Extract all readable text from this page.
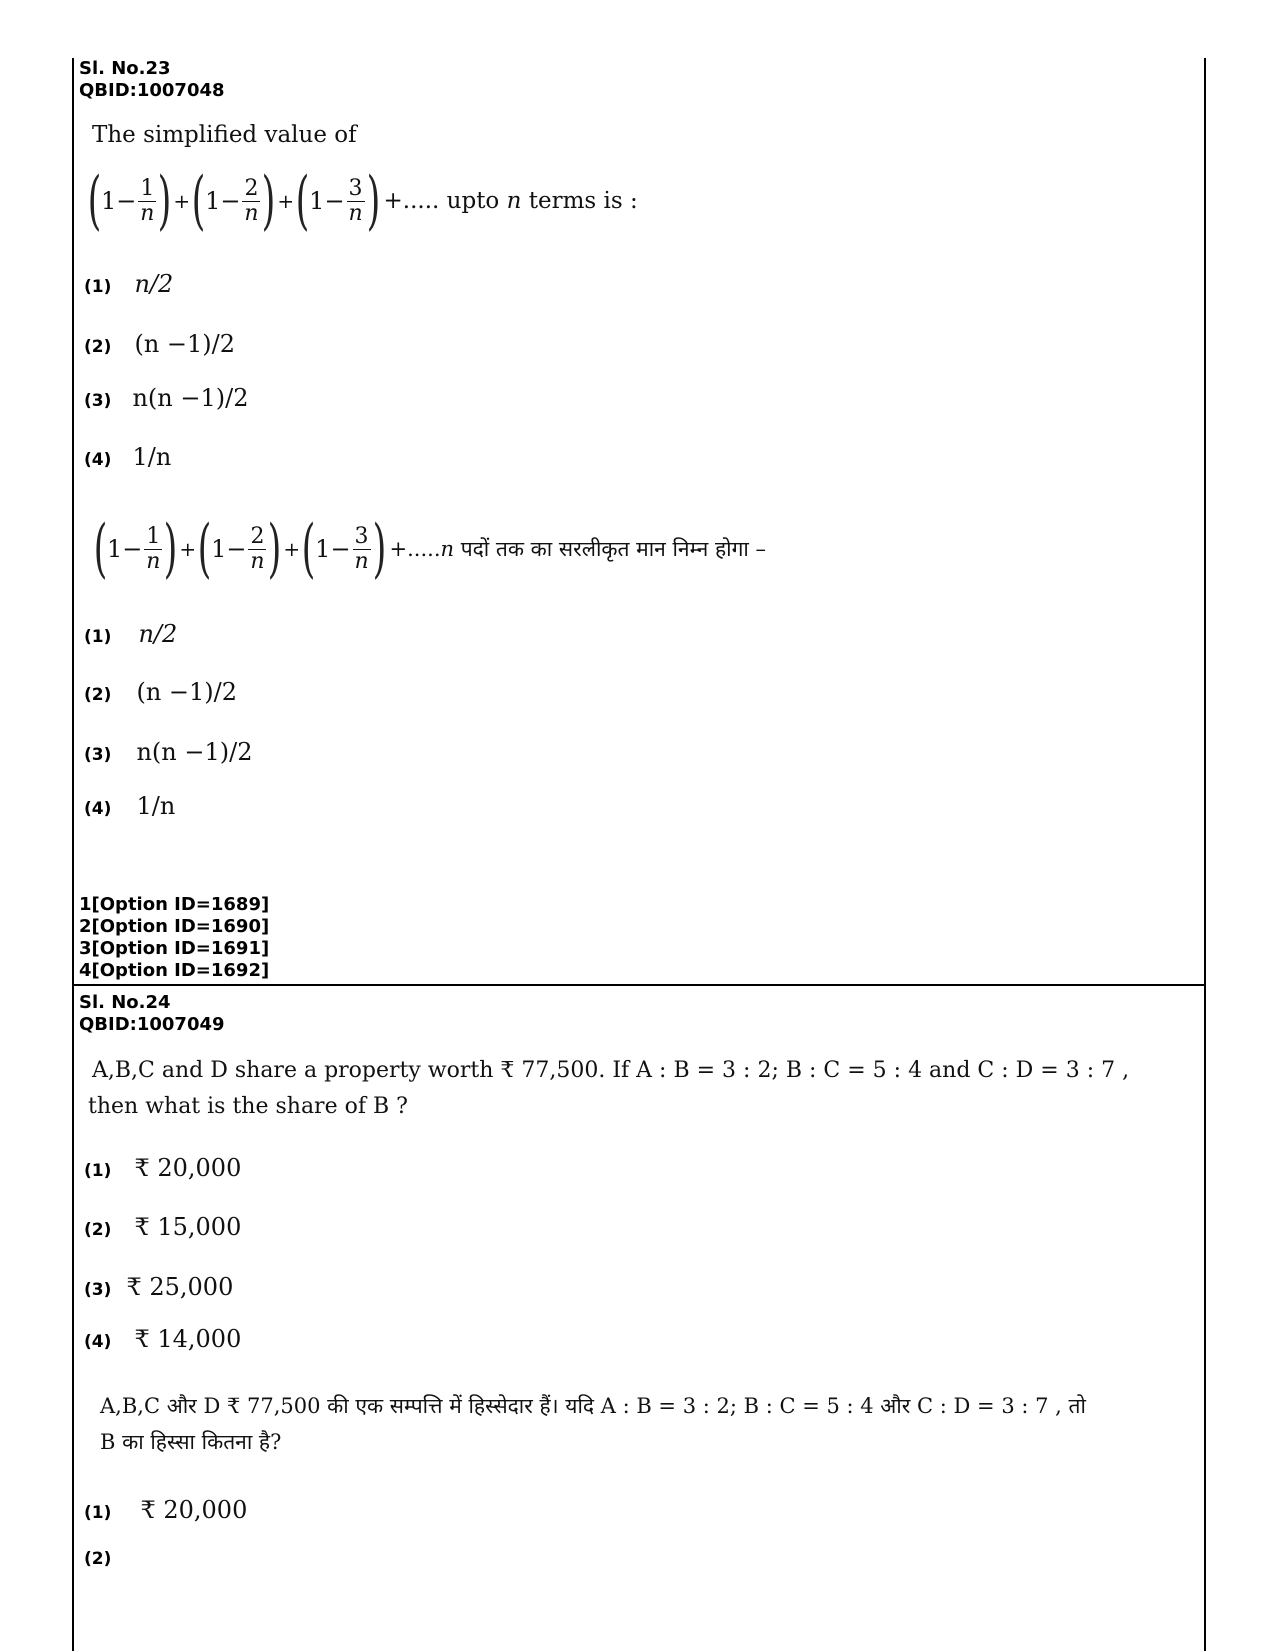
Sl. No.23
QBID:1007048
The simplified value of
( $1 - \frac{1}{n}$ ) + ( $1 - \frac{2}{n}$ ) + ( $1 - \frac{3}{n}$ ) +..... upto n terms is :
(1) n/2
(2) (n −1)/2
(3) n(n −1)/2
(4) 1/n
( $1 - \frac{1}{n}$ ) + ( $1 - \frac{2}{n}$ ) + ( $1 - \frac{3}{n}$ ) +.....n पदों तक का सरलीकृत मान निम्न होगा –
(1) n/2
(2) (n −1)/2
(3) n(n −1)/2
(4) 1/n
1[Option ID=1689]
2[Option ID=1690]
3[Option ID=1691]
4[Option ID=1692]
Sl. No.24
QBID:1007049
A,B,C and D share a property worth ₹ 77,500. If A : B = 3 : 2; B : C = 5 : 4 and C : D = 3 : 7 ,
then what is the share of B ?
(1) ₹ 20,000
(2) ₹ 15,000
(3) ₹ 25,000
(4) ₹ 14,000
A,B,C और D ₹ 77,500 की एक सम्पत्ति में हिस्सेदार हैं। यदि A : B = 3 : 2; B : C = 5 : 4 और C : D = 3 : 7 , तो
B का हिस्सा कितना है?
(1) ₹ 20,000
(2)
